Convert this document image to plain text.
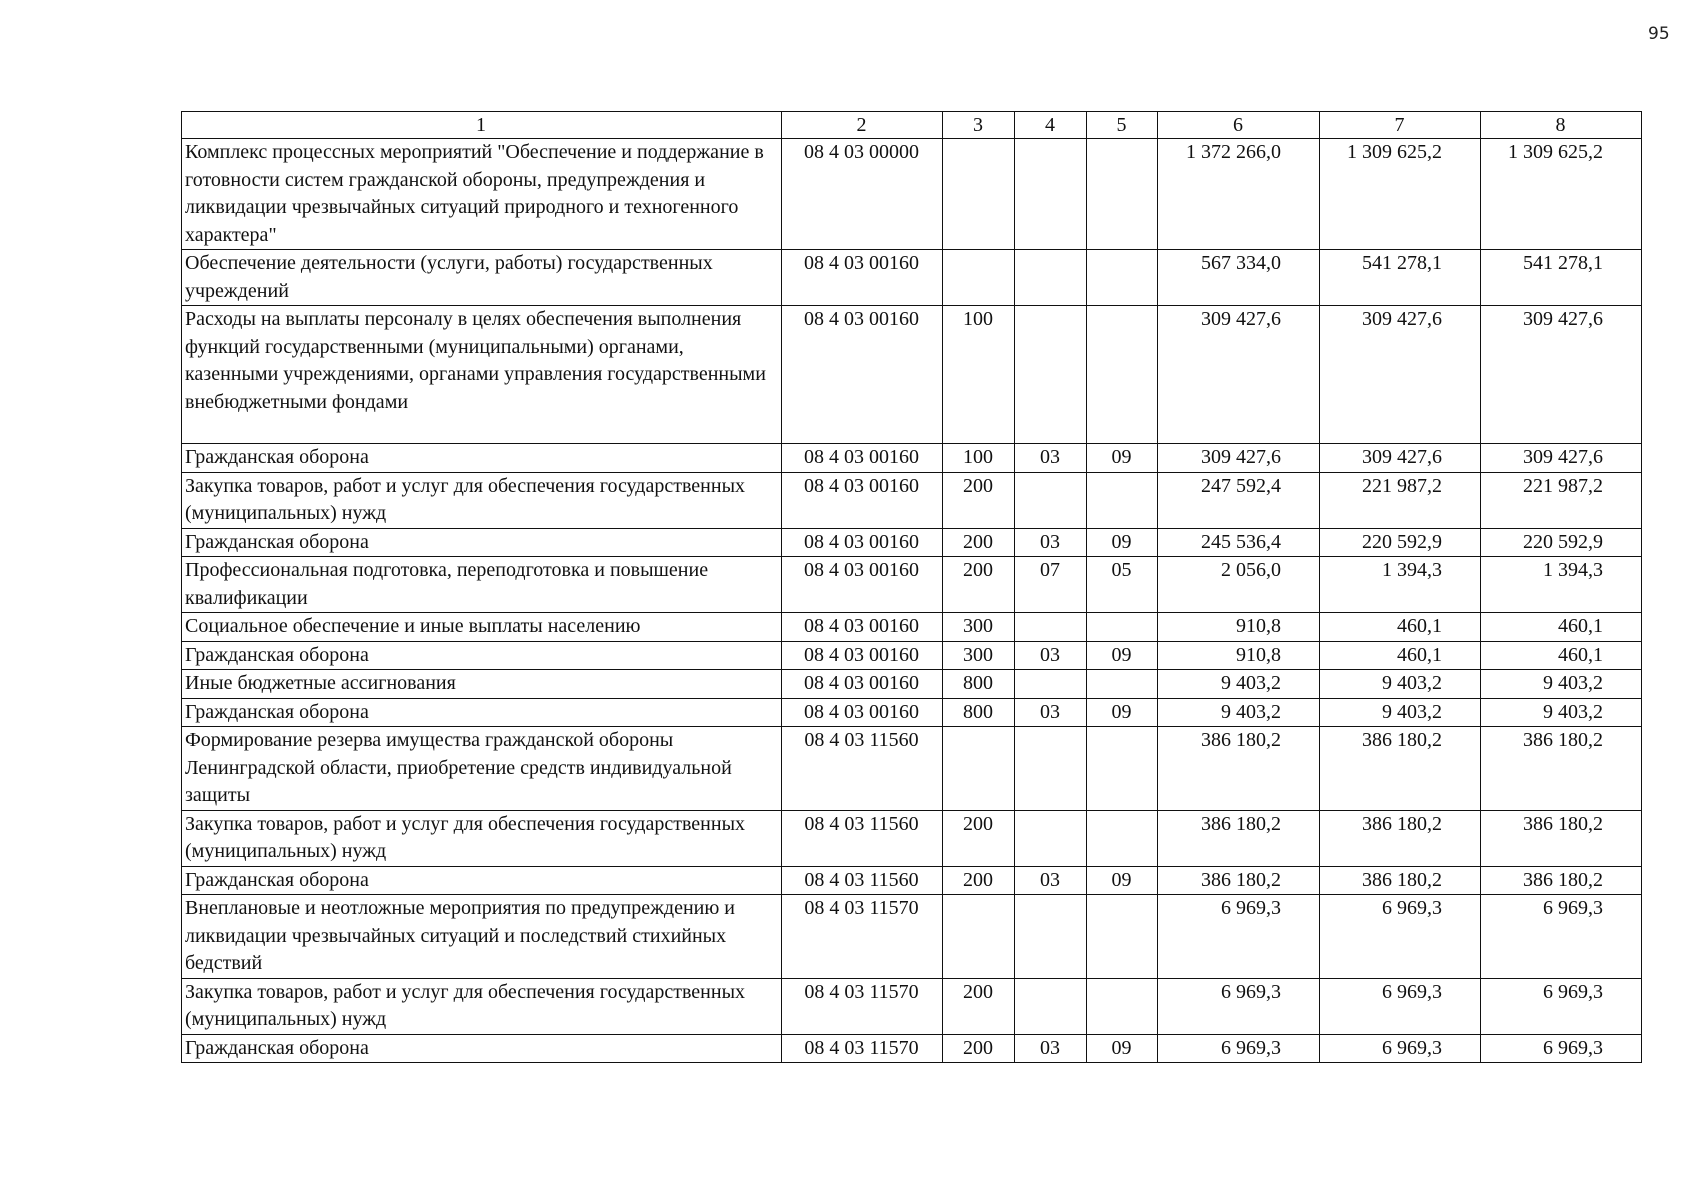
95
1	2	3	4	5	6	7	8
Комплекс процессных мероприятий "Обеспечение и поддержание в готовности систем гражданской обороны, предупреждения и ликвидации чрезвычайных ситуаций природного и техногенного характера"	08 4 03 00000				1 372 266,0	1 309 625,2	1 309 625,2
Обеспечение деятельности (услуги, работы) государственных учреждений	08 4 03 00160				567 334,0	541 278,1	541 278,1
Расходы на выплаты персоналу в целях обеспечения выполнения функций государственными (муниципальными) органами, казенными учреждениями, органами управления государственными внебюджетными фондами	08 4 03 00160	100			309 427,6	309 427,6	309 427,6
Гражданская оборона	08 4 03 00160	100	03	09	309 427,6	309 427,6	309 427,6
Закупка товаров, работ и услуг для обеспечения государственных (муниципальных) нужд	08 4 03 00160	200			247 592,4	221 987,2	221 987,2
Гражданская оборона	08 4 03 00160	200	03	09	245 536,4	220 592,9	220 592,9
Профессиональная подготовка, переподготовка и повышение квалификации	08 4 03 00160	200	07	05	2 056,0	1 394,3	1 394,3
Социальное обеспечение и иные выплаты населению	08 4 03 00160	300			910,8	460,1	460,1
Гражданская оборона	08 4 03 00160	300	03	09	910,8	460,1	460,1
Иные бюджетные ассигнования	08 4 03 00160	800			9 403,2	9 403,2	9 403,2
Гражданская оборона	08 4 03 00160	800	03	09	9 403,2	9 403,2	9 403,2
Формирование резерва имущества гражданской обороны Ленинградской области, приобретение средств индивидуальной защиты	08 4 03 11560				386 180,2	386 180,2	386 180,2
Закупка товаров, работ и услуг для обеспечения государственных (муниципальных) нужд	08 4 03 11560	200			386 180,2	386 180,2	386 180,2
Гражданская оборона	08 4 03 11560	200	03	09	386 180,2	386 180,2	386 180,2
Внеплановые и неотложные мероприятия по предупреждению и ликвидации чрезвычайных ситуаций и последствий стихийных бедствий	08 4 03 11570				6 969,3	6 969,3	6 969,3
Закупка товаров, работ и услуг для обеспечения государственных (муниципальных) нужд	08 4 03 11570	200			6 969,3	6 969,3	6 969,3
Гражданская оборона	08 4 03 11570	200	03	09	6 969,3	6 969,3	6 969,3
